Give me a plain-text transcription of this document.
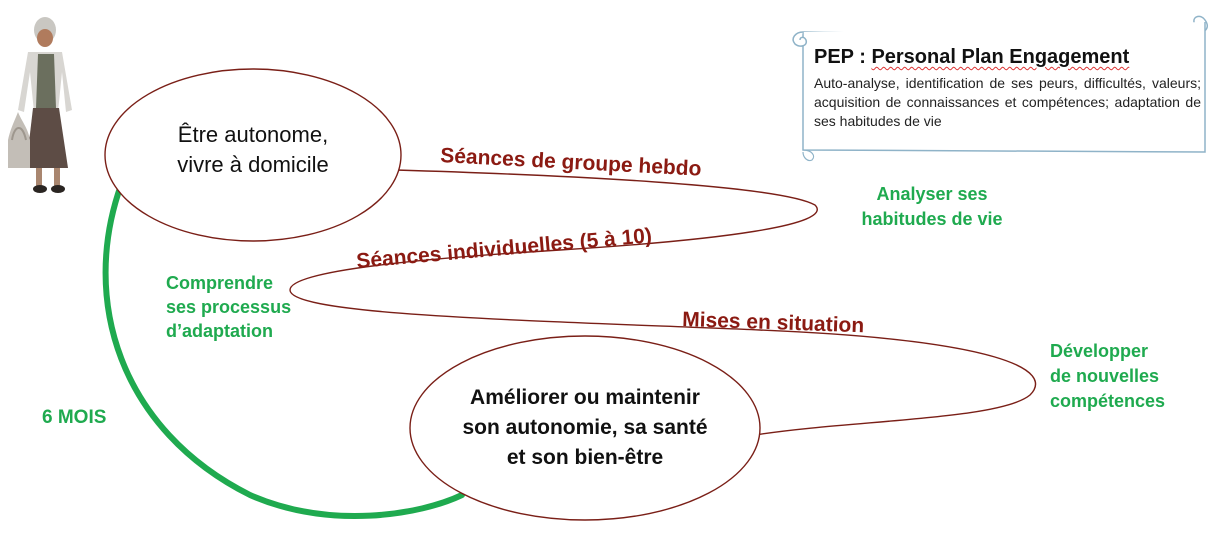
Séances de groupe hebdo
Séances individuelles (5 à 10)
Mises en situation
Être autonome,
vivre à domicile
Améliorer ou maintenir
son autonomie, sa santé
et son bien-être
Analyser ses
habitudes de vie
Comprendre
ses processus
d’adaptation
Développer
de nouvelles
compétences
6 MOIS
PEP : Personal Plan Engagement
Auto-analyse, identification de ses peurs, difficultés, valeurs; acquisition de connaissances et compétences; adaptation de ses habitudes de vie
